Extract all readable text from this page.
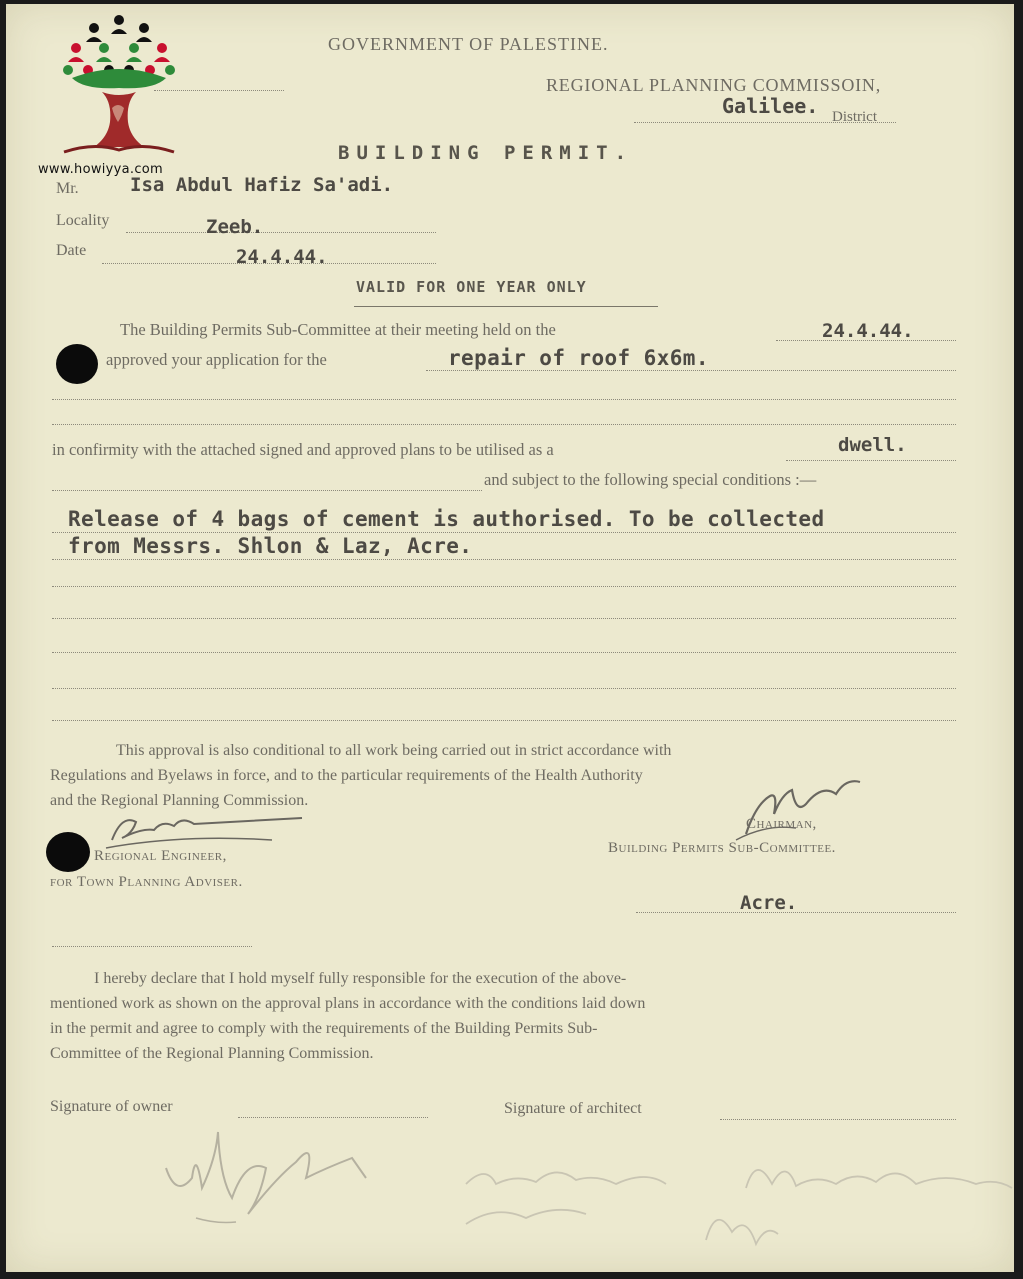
www.howiyya.com
GOVERNMENT OF PALESTINE.
REGIONAL PLANNING COMMISSOIN,
Galilee. District
BUILDING PERMIT.
Mr.	Isa Abdul Hafiz Sa'adi.
Locality	Zeeb.
Date	24.4.44.
VALID FOR ONE YEAR ONLY
The Building Permits Sub-Committee at their meeting held on the	24.4.44.
approved your application for the	repair of roof 6x6m.
in confirmity with the attached signed and approved plans to be utilised as a	dwell.
and subject to the following special conditions :—
Release of 4 bags of cement is authorised. To be collected
from Messrs. Shlon & Laz, Acre.
This approval is also conditional to all work being carried out in strict accordance with
Regulations and Byelaws in force, and to the particular requirements of the Health Authority
and the Regional Planning Commission.
Regional Engineer,
for Town Planning Adviser.
Chairman,
Building Permits Sub-Committee.
Acre.
I hereby declare that I hold myself fully responsible for the execution of the above-
mentioned work as shown on the approval plans in accordance with the conditions laid down
in the permit and agree to comply with the requirements of the Building Permits Sub-
Committee of the Regional Planning Commission.
Signature of owner	Signature of architect
